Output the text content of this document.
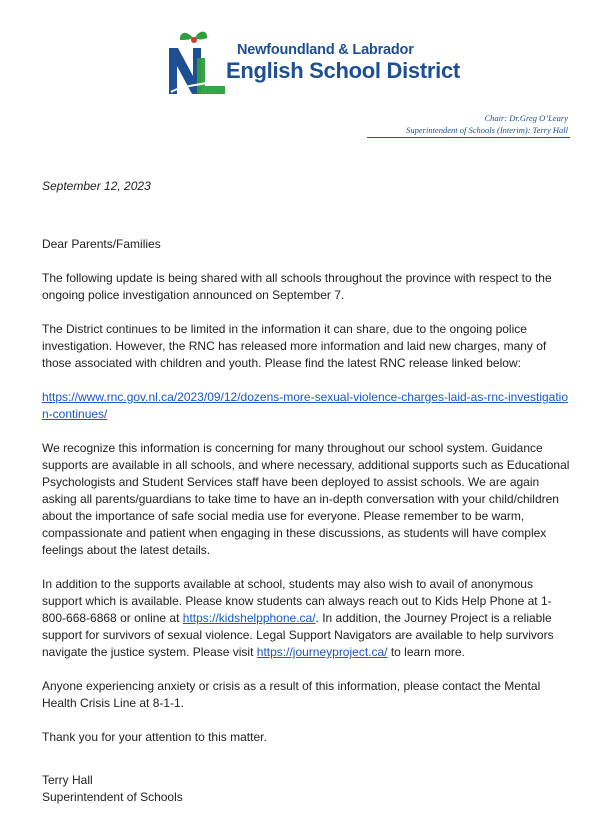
Newfoundland & Labrador
English School District
Chair: Dr.Greg O’Leary
Superintendent of Schools (Interim): Terry Hall
September 12, 2023

Dear Parents/Families

The following update is being shared with all schools throughout the province with respect to the ongoing police investigation announced on September 7.

The District continues to be limited in the information it can share, due to the ongoing police investigation. However, the RNC has released more information and laid new charges, many of those associated with children and youth. Please find the latest RNC release linked below:

https://www.rnc.gov.nl.ca/2023/09/12/dozens-more-sexual-violence-charges-laid-as-rnc-investigation-continues/

We recognize this information is concerning for many throughout our school system. Guidance supports are available in all schools, and where necessary, additional supports such as Educational Psychologists and Student Services staff have been deployed to assist schools. We are again asking all parents/guardians to take time to have an in-depth conversation with your child/children about the importance of safe social media use for everyone. Please remember to be warm, compassionate and patient when engaging in these discussions, as students will have complex feelings about the latest details.

In addition to the supports available at school, students may also wish to avail of anonymous support which is available. Please know students can always reach out to Kids Help Phone at 1-800-668-6868 or online at https://kidshelpphone.ca/. In addition, the Journey Project is a reliable support for survivors of sexual violence. Legal Support Navigators are available to help survivors navigate the justice system. Please visit https://journeyproject.ca/ to learn more.

Anyone experiencing anxiety or crisis as a result of this information, please contact the Mental Health Crisis Line at 8-1-1.

Thank you for your attention to this matter.

Terry Hall
Superintendent of Schools
